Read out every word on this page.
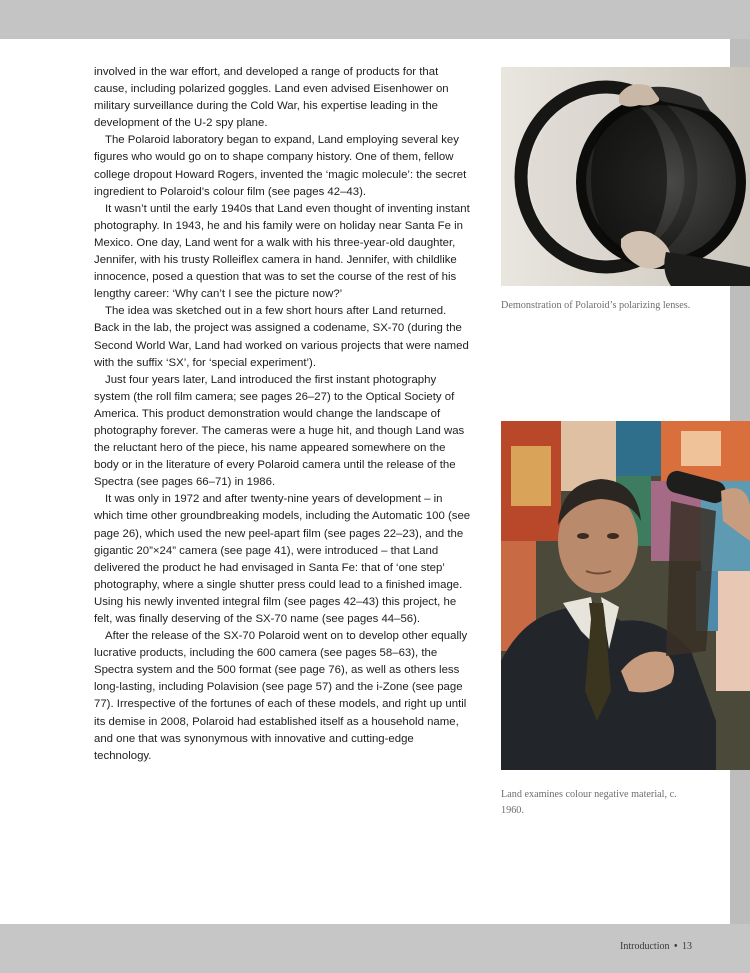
involved in the war effort, and developed a range of products for that cause, including polarized goggles. Land even advised Eisenhower on military surveillance during the Cold War, his expertise leading in the development of the U-2 spy plane.

The Polaroid laboratory began to expand, Land employing several key figures who would go on to shape company history. One of them, fellow college dropout Howard Rogers, invented the ‘magic molecule’: the secret ingredient to Polaroid’s colour film (see pages 42–43).

It wasn’t until the early 1940s that Land even thought of inventing instant photography. In 1943, he and his family were on holiday near Santa Fe in Mexico. One day, Land went for a walk with his three-year-old daughter, Jennifer, with his trusty Rolleiflex camera in hand. Jennifer, with childlike innocence, posed a question that was to set the course of the rest of his lengthy career: ‘Why can’t I see the picture now?’

The idea was sketched out in a few short hours after Land returned. Back in the lab, the project was assigned a codename, SX-70 (during the Second World War, Land had worked on various projects that were named with the suffix ‘SX’, for ‘special experiment’).

Just four years later, Land introduced the first instant photography system (the roll film camera; see pages 26–27) to the Optical Society of America. This product demonstration would change the landscape of photography forever. The cameras were a huge hit, and though Land was the reluctant hero of the piece, his name appeared somewhere on the body or in the literature of every Polaroid camera until the release of the Spectra (see pages 66–71) in 1986.

It was only in 1972 and after twenty-nine years of development – in which time other groundbreaking models, including the Automatic 100 (see page 26), which used the new peel-apart film (see pages 22–23), and the gigantic 20”×24” camera (see page 41), were introduced – that Land delivered the product he had envisaged in Santa Fe: that of ‘one step’ photography, where a single shutter press could lead to a finished image. Using his newly invented integral film (see pages 42–43) this project, he felt, was finally deserving of the SX-70 name (see pages 44–56).

After the release of the SX-70 Polaroid went on to develop other equally lucrative products, including the 600 camera (see pages 58–63), the Spectra system and the 500 format (see page 76), as well as others less long-lasting, including Polavision (see page 57) and the i-Zone (see page 77). Irrespective of the fortunes of each of these models, and right up until its demise in 2008, Polaroid had established itself as a household name, and one that was synonymous with innovative and cutting-edge technology.

Demonstration of Polaroid’s polarizing lenses.
Land examines colour negative material, c. 1960.
Introduction • 13
